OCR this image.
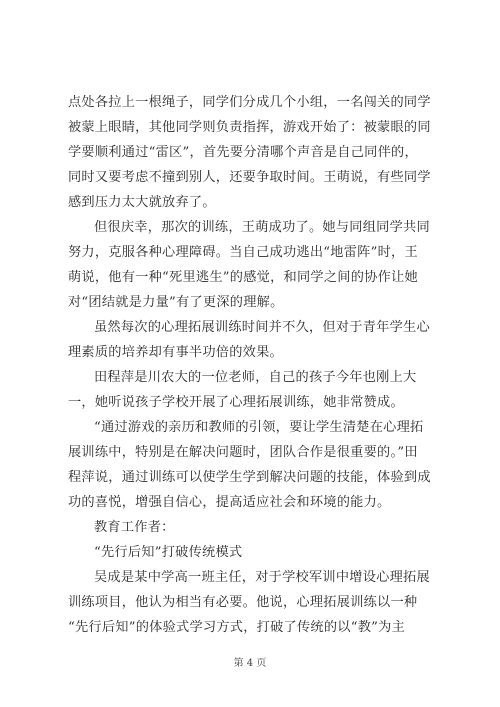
点处各拉上一根绳子，同学们分成几个小组，一名闯关的同学
被蒙上眼睛，其他同学则负责指挥，游戏开始了：被蒙眼的同
学要顺利通过“雷区”，首先要分清哪个声音是自己同伴的，
同时又要考虑不撞到别人，还要争取时间。王萌说，有些同学
感到压力太大就放弃了。
但很庆幸，那次的训练，王萌成功了。她与同组同学共同
努力，克服各种心理障碍。当自己成功逃出“地雷阵”时，王
萌说，他有一种“死里逃生”的感觉，和同学之间的协作让她
对“团结就是力量”有了更深的理解。
虽然每次的心理拓展训练时间并不久，但对于青年学生心
理素质的培养却有事半功倍的效果。
田程萍是川农大的一位老师，自己的孩子今年也刚上大
一，她听说孩子学校开展了心理拓展训练，她非常赞成。
“通过游戏的亲历和教师的引领，要让学生清楚在心理拓
展训练中，特别是在解决问题时，团队合作是很重要的。”田
程萍说，通过训练可以使学生学到解决问题的技能，体验到成
功的喜悦，增强自信心，提高适应社会和环境的能力。
教育工作者：
“先行后知”打破传统模式
吴成是某中学高一班主任，对于学校军训中增设心理拓展
训练项目，他认为相当有必要。他说，心理拓展训练以一种
“先行后知”的体验式学习方式，打破了传统的以“教”为主
第 4 页
